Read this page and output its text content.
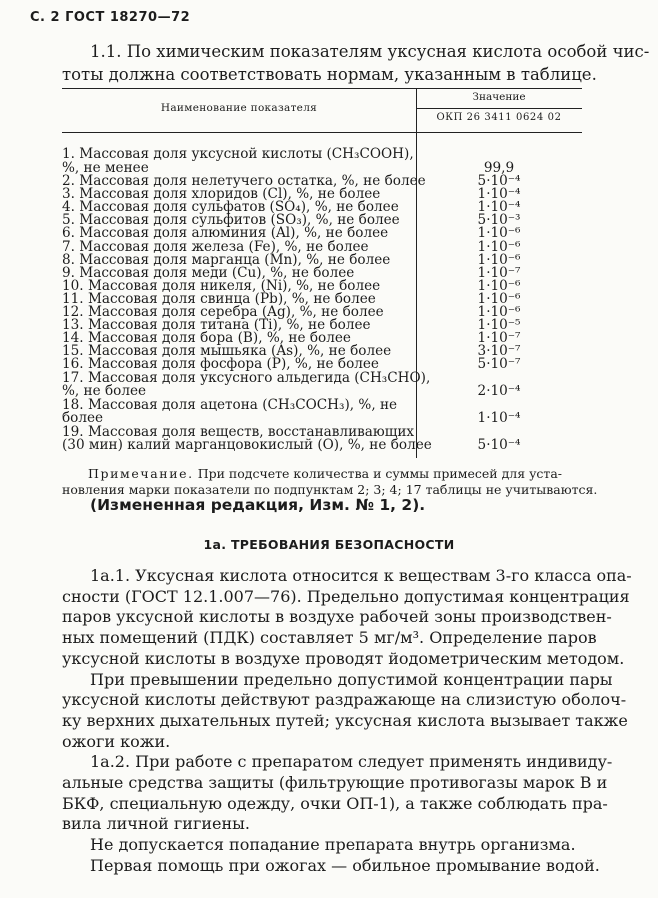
С. 2 ГОСТ 18270—72
1.1. По химическим показателям уксусная кислота особой чис-
тоты должна соответствовать нормам, указанным в таблице.
Наименование показателя
Значение
ОКП 26 3411 0624 02
1. Массовая доля уксусной кислоты (CH₃COOH),
%, не менее	99,9
2. Массовая доля нелетучего остатка, %, не более	5·10⁻⁴
3. Массовая доля хлоридов (Cl), %, не более	1·10⁻⁴
4. Массовая доля сульфатов (SO₄), %, не более	1·10⁻⁴
5. Массовая доля сульфитов (SO₃), %, не более	5·10⁻³
6. Массовая доля алюминия (Al), %, не более	1·10⁻⁶
7. Массовая доля железа (Fe), %, не более	1·10⁻⁶
8. Массовая доля марганца (Mn), %, не более	1·10⁻⁶
9. Массовая доля меди (Cu), %, не более	1·10⁻⁷
10. Массовая доля никеля, (Ni), %, не более	1·10⁻⁶
11. Массовая доля свинца (Pb), %, не более	1·10⁻⁶
12. Массовая доля серебра (Ag), %, не более	1·10⁻⁶
13. Массовая доля титана (Ti), %, не более	1·10⁻⁵
14. Массовая доля бора (B), %, не более	1·10⁻⁷
15. Массовая доля мышьяка (As), %, не более	3·10⁻⁷
16. Массовая доля фосфора (P), %, не более	5·10⁻⁷
17. Массовая доля уксусного альдегида (CH₃CHO),
%, не более	2·10⁻⁴
18. Массовая доля ацетона (CH₃COCH₃), %, не
более	1·10⁻⁴
19. Массовая доля веществ, восстанавливающих
(30 мин) калий марганцовокислый (O), %, не более	5·10⁻⁴
Примечание. При подсчете количества и суммы примесей для уста-
новления марки показатели по подпунктам 2; 3; 4; 17 таблицы не учитываются.
(Измененная редакция, Изм. № 1, 2).
1а. ТРЕБОВАНИЯ БЕЗОПАСНОСТИ
1а.1. Уксусная кислота относится к веществам 3-го класса опа-
сности (ГОСТ 12.1.007—76). Предельно допустимая концентрация
паров уксусной кислоты в воздухе рабочей зоны производствен-
ных помещений (ПДК) составляет 5 мг/м³. Определение паров
уксусной кислоты в воздухе проводят йодометрическим методом.
При превышении предельно допустимой концентрации пары
уксусной кислоты действуют раздражающе на слизистую оболоч-
ку верхних дыхательных путей; уксусная кислота вызывает также
ожоги кожи.
1а.2. При работе с препаратом следует применять индивиду-
альные средства защиты (фильтрующие противогазы марок В и
БКФ, специальную одежду, очки ОП-1), а также соблюдать пра-
вила личной гигиены.
Не допускается попадание препарата внутрь организма.
Первая помощь при ожогах — обильное промывание водой.
